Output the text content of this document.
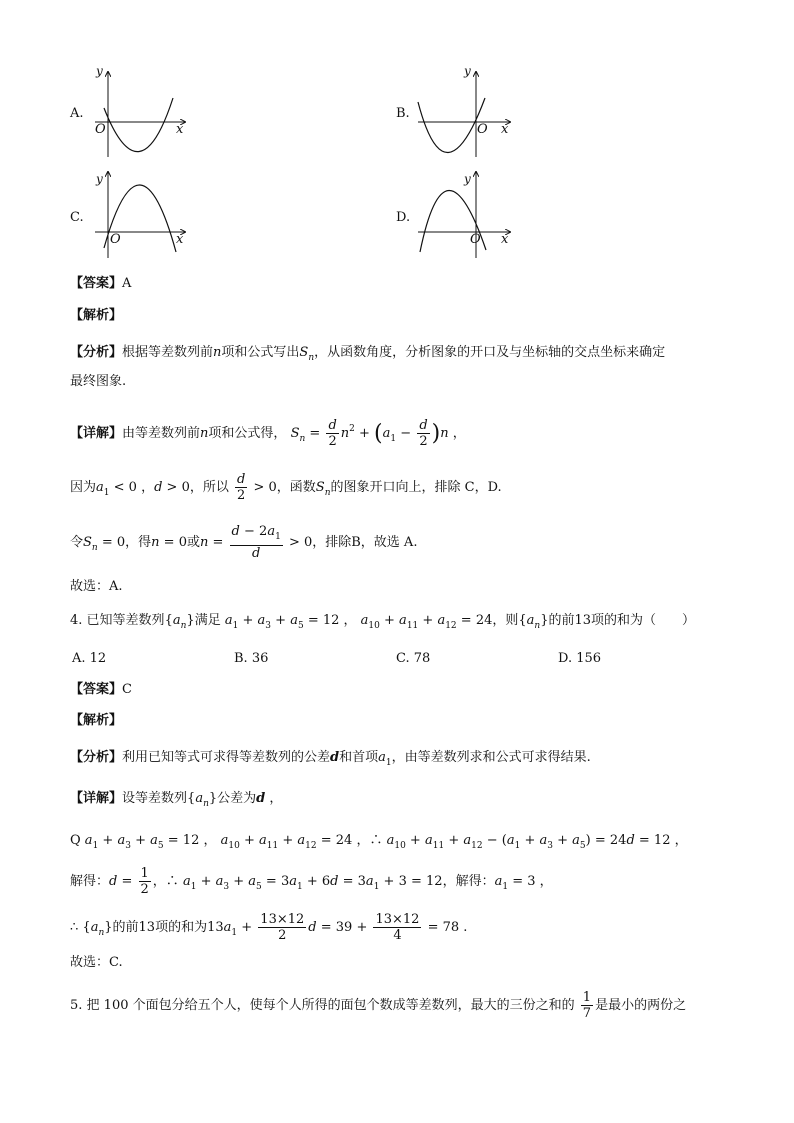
A.
y
O	x
B.
y
O x
C.
y
O	x
D.
y
O x
【答案】A
【解析】
【分析】根据等差数列前n项和公式写出$S_n$，从函数角度，分析图象的开口及与坐标轴的交点坐标来确定
最终图象.
【详解】由等差数列前n项和公式得， $S_n = \frac{d}{2} n^2 + (a_1 - \frac{d}{2} )n$ ，
因为$a_1 < 0$ ，d > 0，所以 $\frac{d}{2} > 0$，函数$S_n$的图象开口向上，排除 C，D.
令$S_n = 0$，得n = 0或$n = \frac{d - 2a_1}{d} > 0$，排除B，故选 A.
故选：A.
4. 已知等差数列$\{a_n\}$满足 $a_1 + a_3 + a_5 = 12$ ， $a_{10} + a_{11} + a_{12} = 24$，则$\{a_n\}$的前13项的和为（　　）
A. 12	B. 36	C. 78	D. 156
【答案】C
【解析】
【分析】利用已知等式可求得等差数列的公差d和首项$a_1$，由等差数列求和公式可求得结果.
【详解】设等差数列$\{a_n\}$公差为d ，
Q $a_1 + a_3 + a_5 = 12$ ， $a_{10} + a_{11} + a_{12} = 24$ ，∴ $a_{10} + a_{11} + a_{12} - (a_1 + a_3 + a_5) = 24d = 12$ ，
解得：$d = \frac{1}{2}$ ，∴ $a_1 + a_3 + a_5 = 3a_1 + 6d = 3a_1 + 3 = 12$，解得：$a_1 = 3$ ，
∴ $\{a_n\}$的前13项的和为$13a_1 + \frac{13\times 12}{2}$ $d = 39 + \frac{13\times 12}{4} = 78$ .
故选：C.
5. 把 100 个面包分给五个人，使每个人所得的面包个数成等差数列，最大的三份之和的 $\frac{1}{7}$ 是最小的两份之
